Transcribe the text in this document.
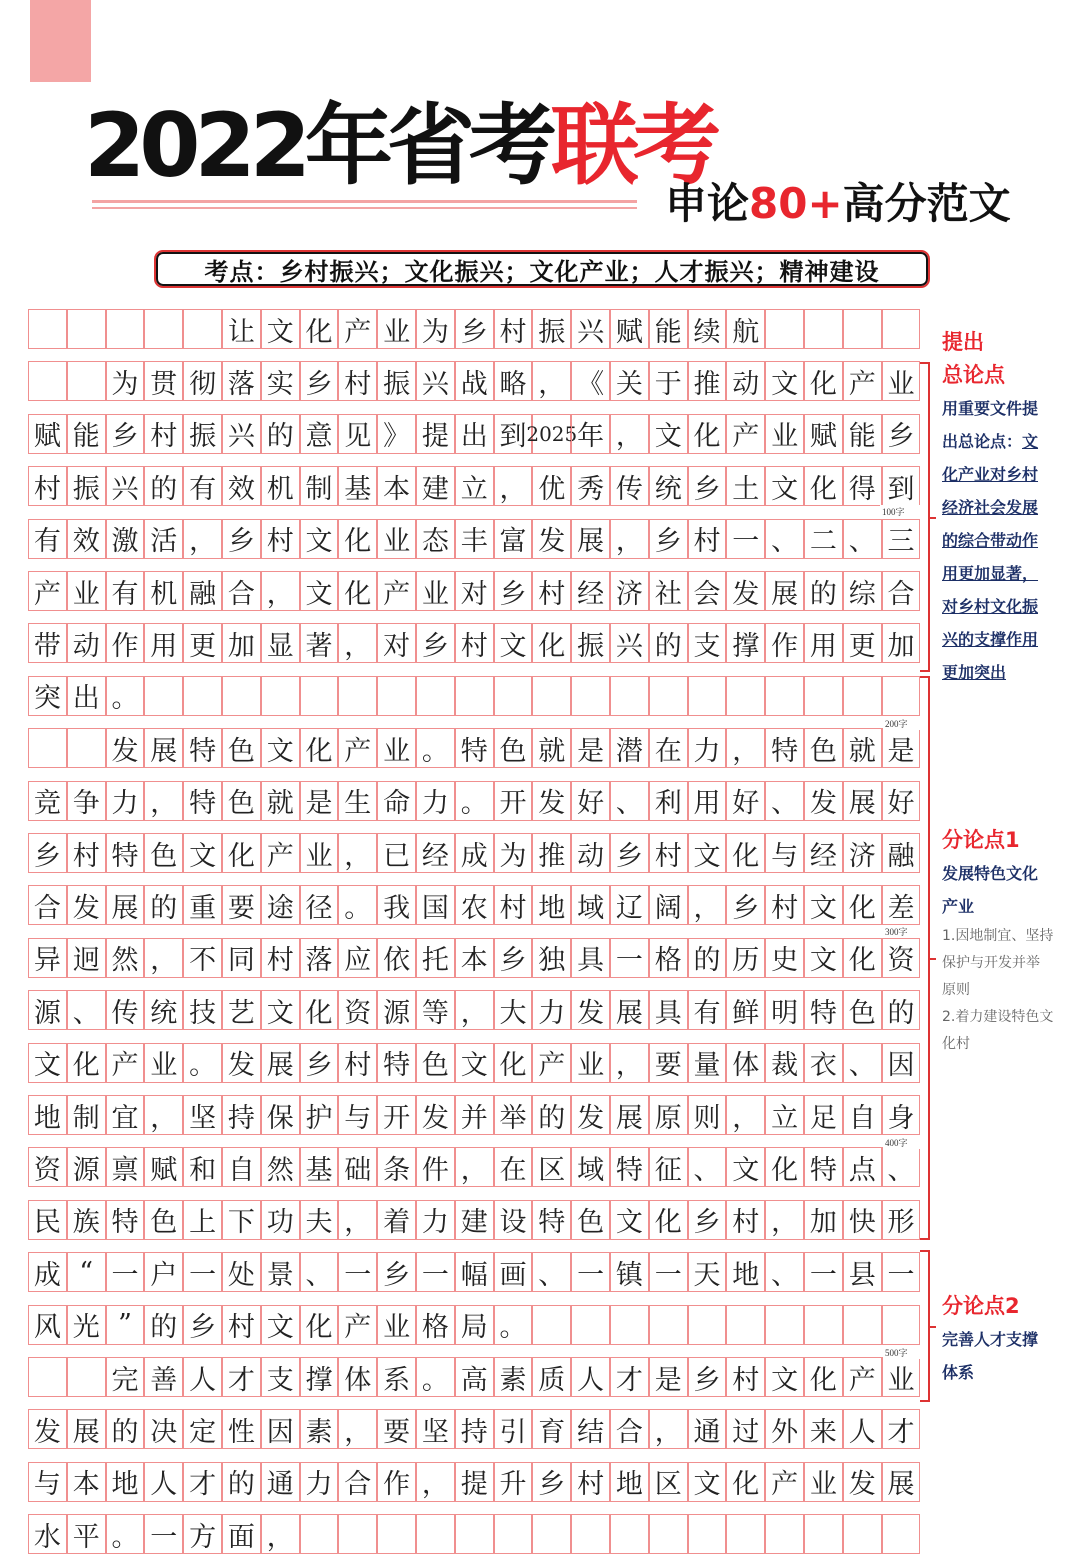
2022年省考联考
申论80+高分范文
考点：乡村振兴；文化振兴；文化产业；人才振兴；精神建设
让 文 化 产 业 为 乡 村 振 兴 赋 能 续 航
为 贯 彻 落 实 乡 村 振 兴 战 略 ， 《 关 于 推 动 文 化 产 业
赋 能 乡 村 振 兴 的 意 见 》 提 出 到 2025 年 ， 文 化 产 业 赋 能 乡
村 振 兴 的 有 效 机 制 基 本 建 立 ， 优 秀 传 统 乡 土 文 化 得 到
有 效 激 活 ， 乡 村 文 化 业 态 丰 富 发 展 ， 乡 村 一 、 二 、 三
产 业 有 机 融 合 ， 文 化 产 业 对 乡 村 经 济 社 会 发 展 的 综 合
带 动 作 用 更 加 显 著 ， 对 乡 村 文 化 振 兴 的 支 撑 作 用 更 加
突 出 。
发 展 特 色 文 化 产 业 。 特 色 就 是 潜 在 力 ， 特 色 就 是
竞 争 力 ， 特 色 就 是 生 命 力 。 开 发 好 、 利 用 好 、 发 展 好
乡 村 特 色 文 化 产 业 ， 已 经 成 为 推 动 乡 村 文 化 与 经 济 融
合 发 展 的 重 要 途 径 。 我 国 农 村 地 域 辽 阔 ， 乡 村 文 化 差
异 迥 然 ， 不 同 村 落 应 依 托 本 乡 独 具 一 格 的 历 史 文 化 资
源 、 传 统 技 艺 文 化 资 源 等 ， 大 力 发 展 具 有 鲜 明 特 色 的
文 化 产 业 。 发 展 乡 村 特 色 文 化 产 业 ， 要 量 体 裁 衣 、 因
地 制 宜 ， 坚 持 保 护 与 开 发 并 举 的 发 展 原 则 ， 立 足 自 身
资 源 禀 赋 和 自 然 基 础 条 件 ， 在 区 域 特 征 、 文 化 特 点 、
民 族 特 色 上 下 功 夫 ， 着 力 建 设 特 色 文 化 乡 村 ， 加 快 形
成 “ 一 户 一 处 景 、 一 乡 一 幅 画 、 一 镇 一 天 地 、 一 县 一
风 光 ” 的 乡 村 文 化 产 业 格 局 。
完 善 人 才 支 撑 体 系 。 高 素 质 人 才 是 乡 村 文 化 产 业
发 展 的 决 定 性 因 素 ， 要 坚 持 引 育 结 合 ， 通 过 外 来 人 才
与 本 地 人 才 的 通 力 合 作 ， 提 升 乡 村 地 区 文 化 产 业 发 展
水 平 。 一 方 面 ，
100字
200字
300字
400字
500字
提出
总论点
用重要文件提
出总论点：文
化产业对乡村
经济社会发展
的综合带动作
用更加显著，
对乡村文化振
兴的支撑作用
更加突出
分论点1
发展特色文化
产业
1.因地制宜、坚持
保护与开发并举
原则
2.着力建设特色文
化村
分论点2
完善人才支撑
体系
